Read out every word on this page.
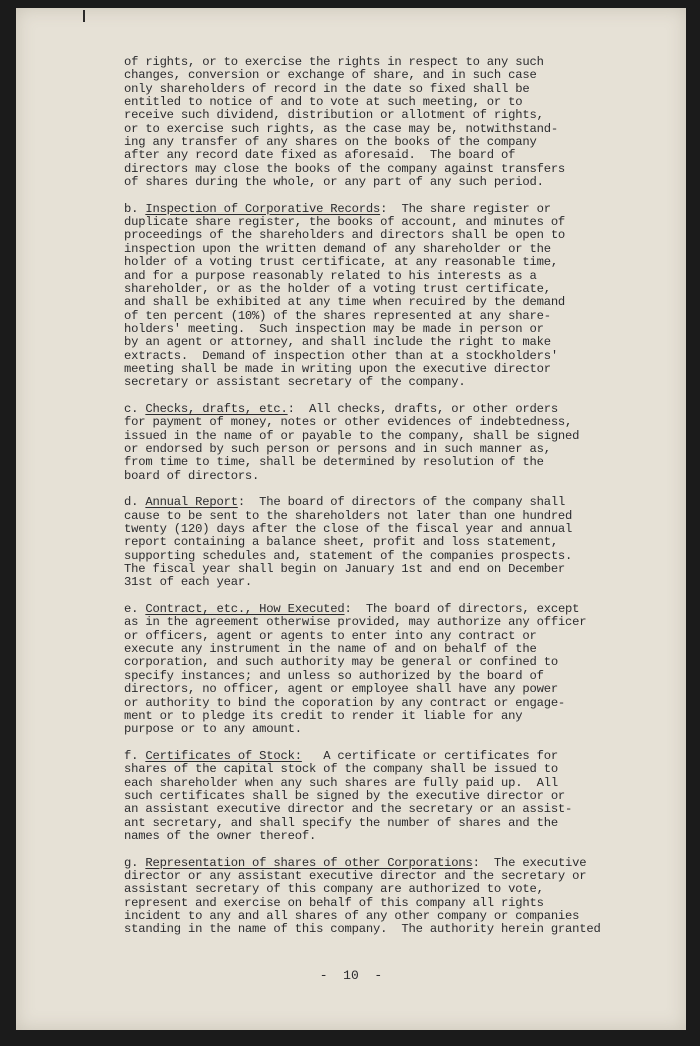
of rights, or to exercise the rights in respect to any such
changes, conversion or exchange of share, and in such case
only shareholders of record in the date so fixed shall be
entitled to notice of and to vote at such meeting, or to
receive such dividend, distribution or allotment of rights,
or to exercise such rights, as the case may be, notwithstand-
ing any transfer of any shares on the books of the company
after any record date fixed as aforesaid.  The board of
directors may close the books of the company against transfers
of shares during the whole, or any part of any such period.
b. Inspection of Corporative Records:  The share register or
duplicate share register, the books of account, and minutes of
proceedings of the shareholders and directors shall be open to
inspection upon the written demand of any shareholder or the
holder of a voting trust certificate, at any reasonable time,
and for a purpose reasonably related to his interests as a
shareholder, or as the holder of a voting trust certificate,
and shall be exhibited at any time when recuired by the demand
of ten percent (10%) of the shares represented at any share-
holders' meeting.  Such inspection may be made in person or
by an agent or attorney, and shall include the right to make
extracts.  Demand of inspection other than at a stockholders'
meeting shall be made in writing upon the executive director
secretary or assistant secretary of the company.
c. Checks, drafts, etc.:  All checks, drafts, or other orders
for payment of money, notes or other evidences of indebtedness,
issued in the name of or payable to the company, shall be signed
or endorsed by such person or persons and in such manner as,
from time to time, shall be determined by resolution of the
board of directors.
d. Annual Report:  The board of directors of the company shall
cause to be sent to the shareholders not later than one hundred
twenty (120) days after the close of the fiscal year and annual
report containing a balance sheet, profit and loss statement,
supporting schedules and, statement of the companies prospects.
The fiscal year shall begin on January 1st and end on December
31st of each year.
e. Contract, etc., How Executed:  The board of directors, except
as in the agreement otherwise provided, may authorize any officer
or officers, agent or agents to enter into any contract or
execute any instrument in the name of and on behalf of the
corporation, and such authority may be general or confined to
specify instances; and unless so authorized by the board of
directors, no officer, agent or employee shall have any power
or authority to bind the coporation by any contract or engage-
ment or to pledge its credit to render it liable for any
purpose or to any amount.
f. Certificates of Stock:   A certificate or certificates for
shares of the capital stock of the company shall be issued to
each shareholder when any such shares are fully paid up.  All
such certificates shall be signed by the executive director or
an assistant executive director and the secretary or an assist-
ant secretary, and shall specify the number of shares and the
names of the owner thereof.
g. Representation of shares of other Corporations:  The executive
director or any assistant executive director and the secretary or
assistant secretary of this company are authorized to vote,
represent and exercise on behalf of this company all rights
incident to any and all shares of any other company or companies
standing in the name of this company.  The authority herein granted
-  10  -
